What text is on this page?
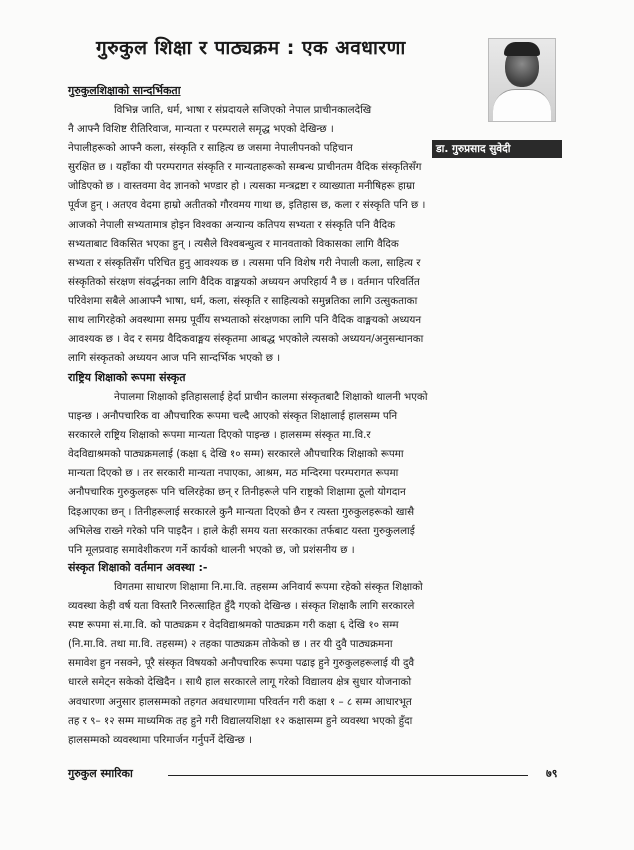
गुरुकुल शिक्षा र पाठ्यक्रम : एक अवधारणा
डा. गुरुप्रसाद सुवेदी
गुरुकुलशिक्षाको सान्दर्भिकता
विभिन्न जाति, धर्म, भाषा र संप्रदायले सजिएको नेपाल प्राचीनकालदेखि
नै आफ्नै विशिष्ट रीतिरिवाज, मान्यता र परम्पराले समृद्ध भएको देखिन्छ ।
नेपालीहरूको आफ्नै कला, संस्कृति र साहित्य छ जसमा नेपालीपनको पहिचान
सुरक्षित छ । यहाँका यी परम्परागत संस्कृति र मान्यताहरूको सम्बन्ध प्राचीनतम वैदिक संस्कृतिसँग
जोडिएको छ । वास्तवमा वेद ज्ञानको भण्डार हो । त्यसका मन्त्रद्रष्टा र व्याख्याता मनीषिहरू हाम्रा
पूर्वज हुन् । अतएव वेदमा हाम्रो अतीतको गौरवमय गाथा छ, इतिहास छ, कला र संस्कृति पनि छ ।
आजको नेपाली सभ्यतामात्र होइन विश्वका अन्यान्य कतिपय सभ्यता र संस्कृति पनि वैदिक
सभ्यताबाट विकसित भएका हुन् । त्यसैले विश्वबन्धुत्व र मानवताको विकासका लागि वैदिक
सभ्यता र संस्कृतिसँग परिचित हुनु आवश्यक छ । त्यसमा पनि विशेष गरी नेपाली कला, साहित्य र
संस्कृतिको संरक्षण संवर्द्धनका लागि वैदिक वाङ्मयको अध्ययन अपरिहार्य नै छ । वर्तमान परिवर्तित
परिवेशमा सबैले आआफ्नै भाषा, धर्म, कला, संस्कृति र साहित्यको समुन्नतिका लागि उत्सुकताका
साथ लागिरहेको अवस्थामा समग्र पूर्वीय सभ्यताको संरक्षणका लागि पनि वैदिक वाङ्मयको अध्ययन
आवश्यक छ । वेद र समग्र वैदिकवाङ्मय संस्कृतमा आबद्ध भएकोले त्यसको अध्ययन/अनुसन्धानका
लागि संस्कृतको अध्ययन आज पनि सान्दर्भिक भएको छ ।
राष्ट्रिय शिक्षाको रूपमा संस्कृत
नेपालमा शिक्षाको इतिहासलाई हेर्दा प्राचीन कालमा संस्कृतबाटै शिक्षाको थालनी भएको
पाइन्छ । अनौपचारिक वा औपचारिक रूपमा चल्दै आएको संस्कृत शिक्षालाई हालसम्म पनि
सरकारले राष्ट्रिय शिक्षाको रूपमा मान्यता दिएको पाइन्छ । हालसम्म संस्कृत मा.वि.र
वेदविद्याश्रमको पाठ्यक्रमलाई (कक्षा ६ देखि १० सम्म) सरकारले औपचारिक शिक्षाको रूपमा
मान्यता दिएको छ । तर सरकारी मान्यता नपाएका, आश्रम, मठ मन्दिरमा परम्परागत रूपमा
अनौपचारिक गुरुकुलहरू पनि चलिरहेका छन् र तिनीहरूले पनि राष्ट्रको शिक्षामा ठूलो योगदान
दिइआएका छन् । तिनीहरूलाई सरकारले कुनै मान्यता दिएको छैन र त्यस्ता गुरुकुलहरूको खासै
अभिलेख राख्ने गरेको पनि पाइदैन । हाले केही समय यता सरकारका तर्फबाट यस्ता गुरुकुललाई
पनि मूलप्रवाह समावेशीकरण गर्ने कार्यको थालनी भएको छ, जो प्रशंसनीय छ ।
संस्कृत शिक्षाको वर्तमान अवस्था :-
विगतमा साधारण शिक्षामा नि.मा.वि. तहसम्म अनिवार्य रूपमा रहेको संस्कृत शिक्षाको
व्यवस्था केही वर्ष यता विस्तारै निरुत्साहित हुँदै गएको देखिन्छ । संस्कृत शिक्षाकै लागि सरकारले
स्पष्ट रूपमा सं.मा.वि. को पाठ्यक्रम र वेदविद्याश्रमको पाठ्यक्रम गरी कक्षा ६ देखि १० सम्म
(नि.मा.वि. तथा मा.वि. तहसम्म) २ तहका पाठ्यक्रम तोकेको छ । तर यी दुवै पाठ्यक्रमना
समावेश हुन नसक्ने, पूरै संस्कृत विषयको अनौपचारिक रूपमा पढाइ हुने गुरुकुलहरूलाई यी दुवै
धारले समेट्न सकेको देखिदैन । साथै हाल सरकारले लागू गरेको विद्यालय क्षेत्र सुधार योजनाको
अवधारणा अनुसार हालसम्मको तहगत अवधारणामा परिवर्तन गरी कक्षा १ – ८ सम्म आधारभूत
तह र ९– १२ सम्म माध्यमिक तह हुने गरी विद्यालयशिक्षा १२ कक्षासम्म हुने व्यवस्था भएको हुँदा
हालसम्मको व्यवस्थामा परिमार्जन गर्नुपर्ने देखिन्छ ।
गुरुकुल स्मारिका	७९
